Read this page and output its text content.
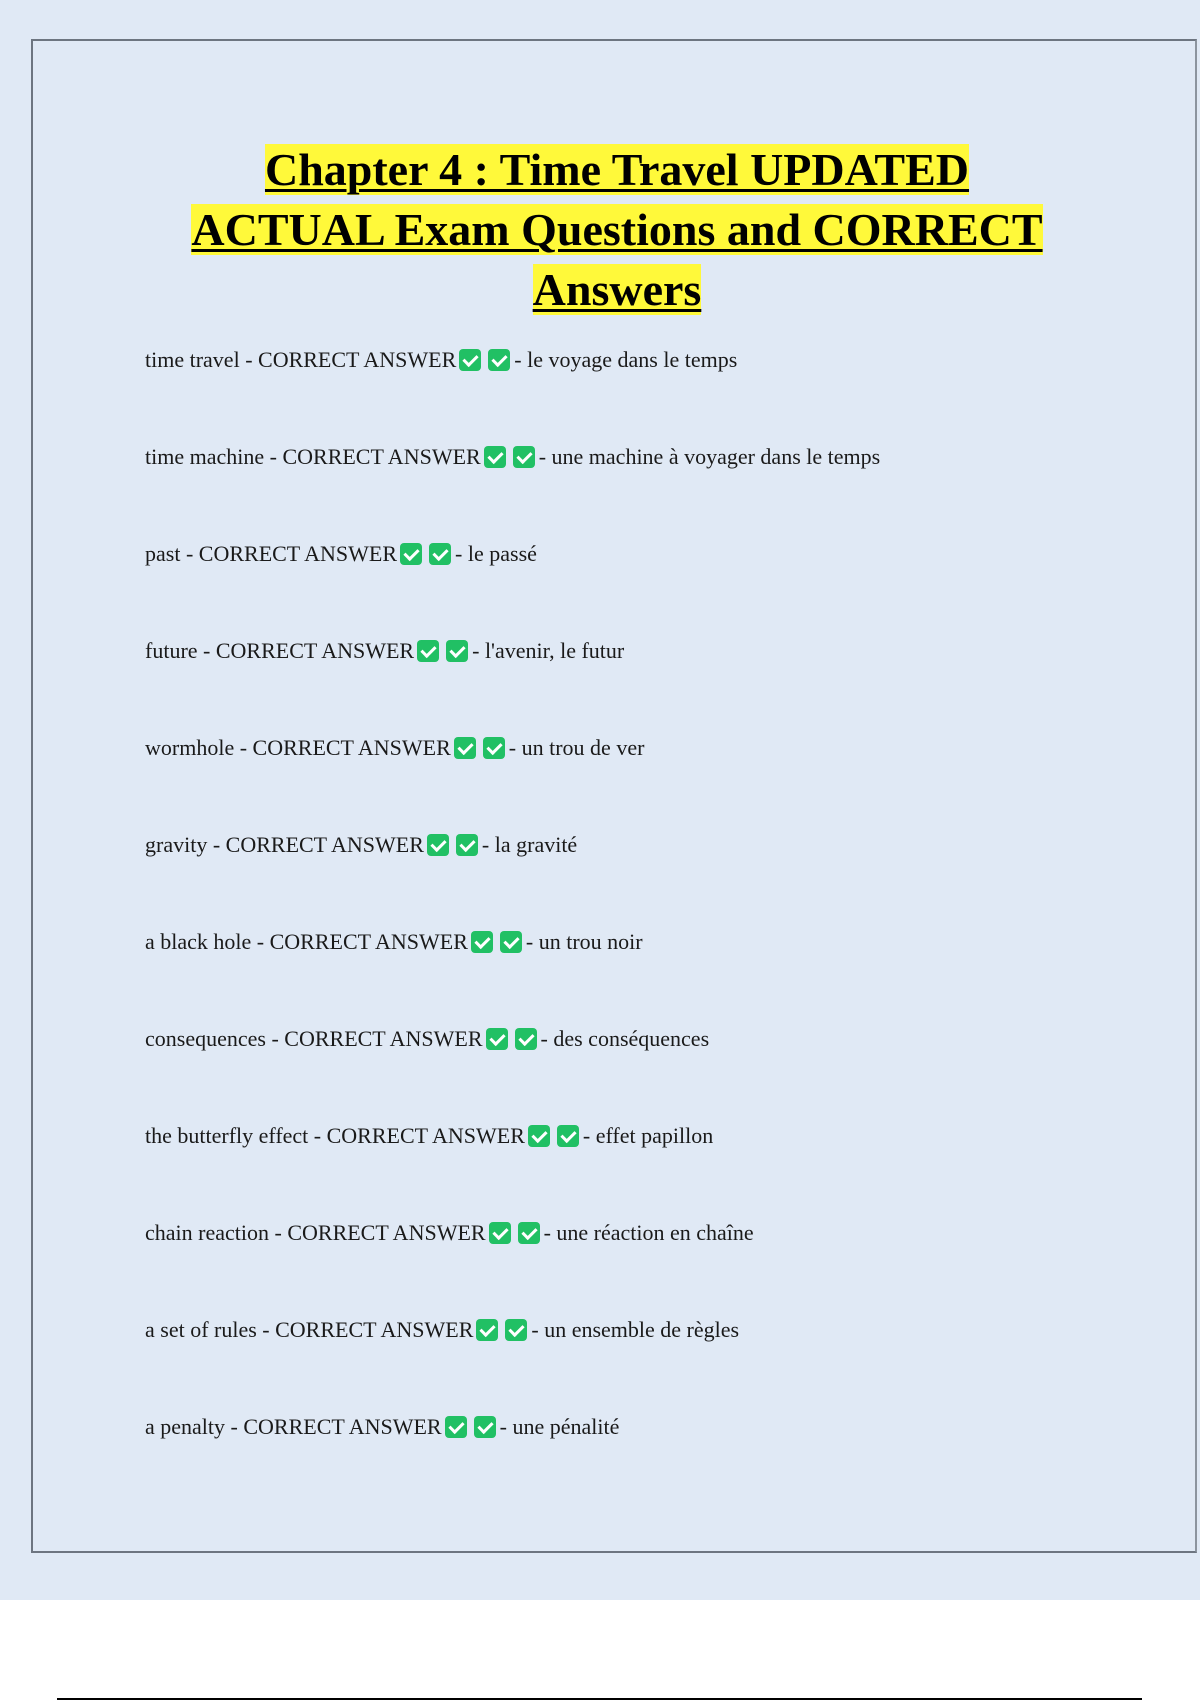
Chapter 4 : Time Travel UPDATED
ACTUAL Exam Questions and CORRECT
Answers
time travel - CORRECT ANSWER	- le voyage dans le temps
time machine - CORRECT ANSWER	- une machine à voyager dans le temps
past - CORRECT ANSWER	- le passé
future - CORRECT ANSWER	- l'avenir, le futur
wormhole - CORRECT ANSWER	- un trou de ver
gravity - CORRECT ANSWER	- la gravité
a black hole - CORRECT ANSWER	- un trou noir
consequences - CORRECT ANSWER	- des conséquences
the butterfly effect - CORRECT ANSWER	- effet papillon
chain reaction - CORRECT ANSWER	- une réaction en chaîne
a set of rules - CORRECT ANSWER	- un ensemble de règles
a penalty - CORRECT ANSWER	- une pénalité
